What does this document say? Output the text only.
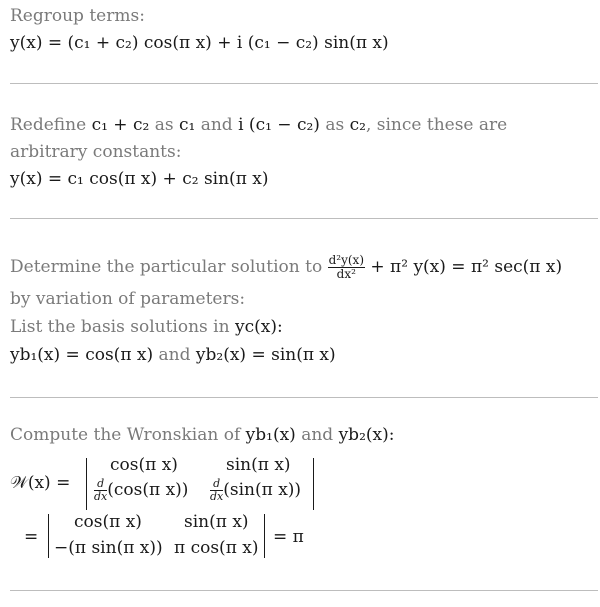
Regroup terms:
y(x) = (c₁ + c₂) cos(π x) + i (c₁ − c₂) sin(π x)
Redefine c₁ + c₂ as c₁ and i (c₁ − c₂) as c₂, since these are
arbitrary constants:
y(x) = c₁ cos(π x) + c₂ sin(π x)
Determine the particular solution to $\frac{\text{d²y(x)}}{\text{dx²}} + \pi^2$ y(x) = π² sec(π x)
by variation of parameters:
List the basis solutions in yc(x):
yb₁(x) = cos(π x) and yb₂(x) = sin(π x)
Compute the Wronskian of yb₁(x) and yb₂(x):
𝒲(x) =
cos(π x)	sin(π x)
$\frac{d}{dx} (\cos(\pi$ $x)) \frac{d}{dx} (\sin(\pi$ x))
=
cos(π x) sin(π x)
−(π sin(π x)) π cos(π x)
= π
